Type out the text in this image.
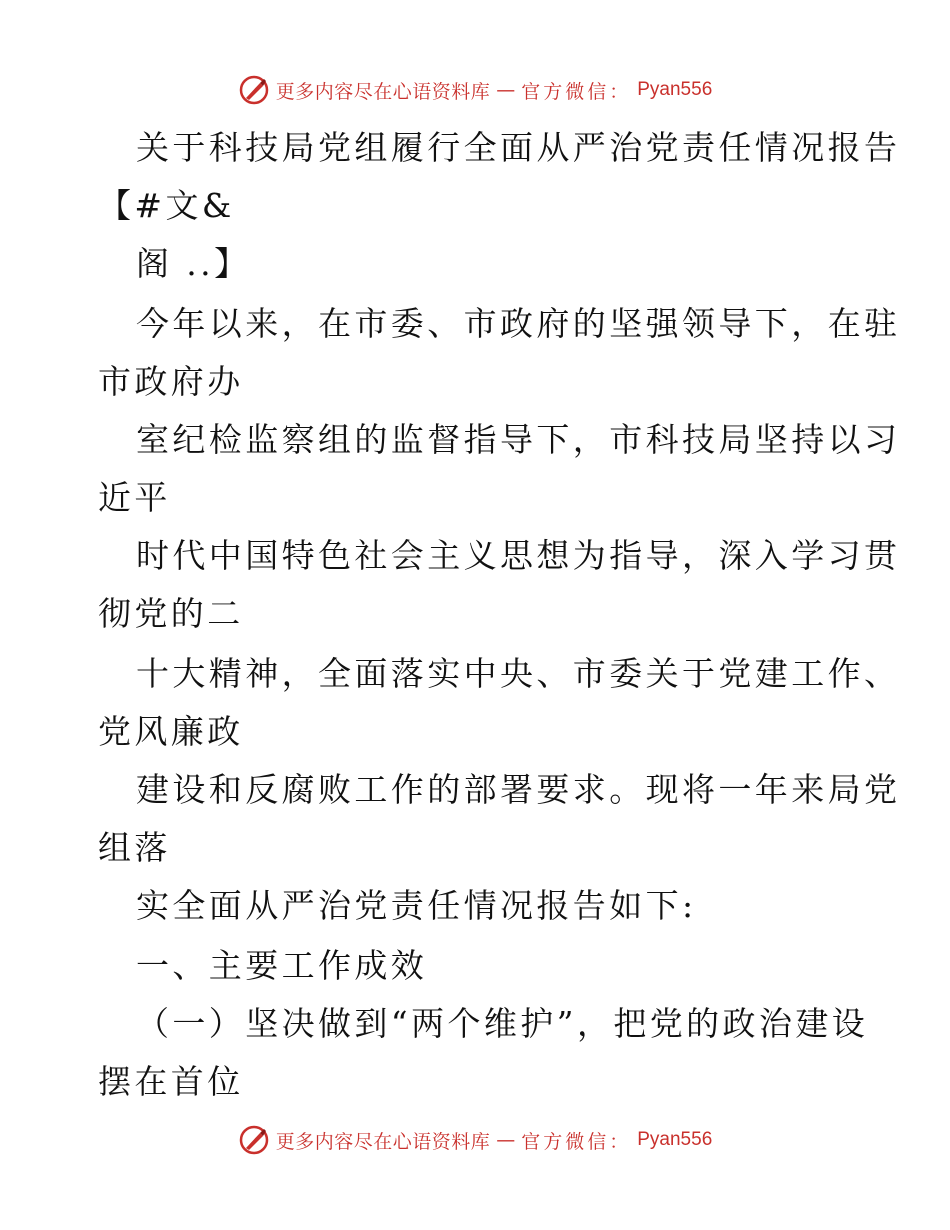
更多内容尽在心语资料库 — 官方微信： Pyan556
关于科技局党组履行全面从严治党责任情况报告
【#文&
阁 ..】
今年以来，在市委、市政府的坚强领导下，在驻
市政府办
室纪检监察组的监督指导下，市科技局坚持以习
近平
时代中国特色社会主义思想为指导，深入学习贯
彻党的二
十大精神，全面落实中央、市委关于党建工作、
党风廉政
建设和反腐败工作的部署要求。现将一年来局党
组落
实全面从严治党责任情况报告如下:
一、主要工作成效
（一）坚决做到“两个维护”，把党的政治建设
摆在首位
更多内容尽在心语资料库 — 官方微信： Pyan556
